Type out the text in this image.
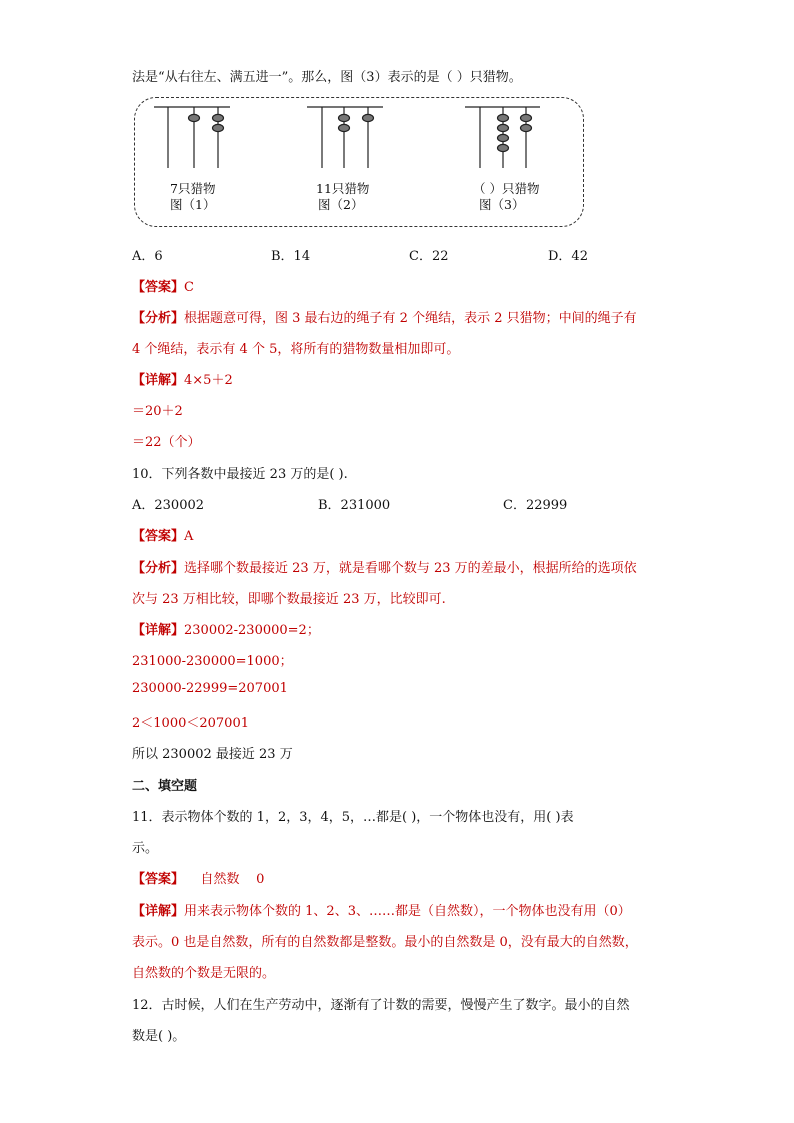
法是“从右往左、满五进一”。那么，图（3）表示的是（ ）只猎物。
7只猎物
图（1）
11只猎物
图（2）
（ ）只猎物
图（3）
A．6	B．14	C．22	D．42
【答案】C
【分析】根据题意可得，图 3 最右边的绳子有 2 个绳结，表示 2 只猎物；中间的绳子有
4 个绳结，表示有 4 个 5，将所有的猎物数量相加即可。
【详解】4×5＋2
＝20＋2
＝22（个）
10．下列各数中最接近 23 万的是( ).
A．230002	B．231000	C．22999
【答案】A
【分析】选择哪个数最接近 23 万，就是看哪个数与 23 万的差最小，根据所给的选项依
次与 23 万相比较，即哪个数最接近 23 万，比较即可.
【详解】230002-230000=2；
231000-230000=1000；
230000-22999=207001
2＜1000＜207001
所以 230002 最接近 23 万
二、填空题
11．表示物体个数的 1，2，3，4，5，…都是( )，一个物体也没有，用( )表
示。
【答案】    自然数    0
【详解】用来表示物体个数的 1、2、3、……都是（自然数），一个物体也没有用（0）
表示。0 也是自然数，所有的自然数都是整数。最小的自然数是 0，没有最大的自然数，
自然数的个数是无限的。
12．古时候，人们在生产劳动中，逐渐有了计数的需要，慢慢产生了数字。最小的自然
数是( )。
